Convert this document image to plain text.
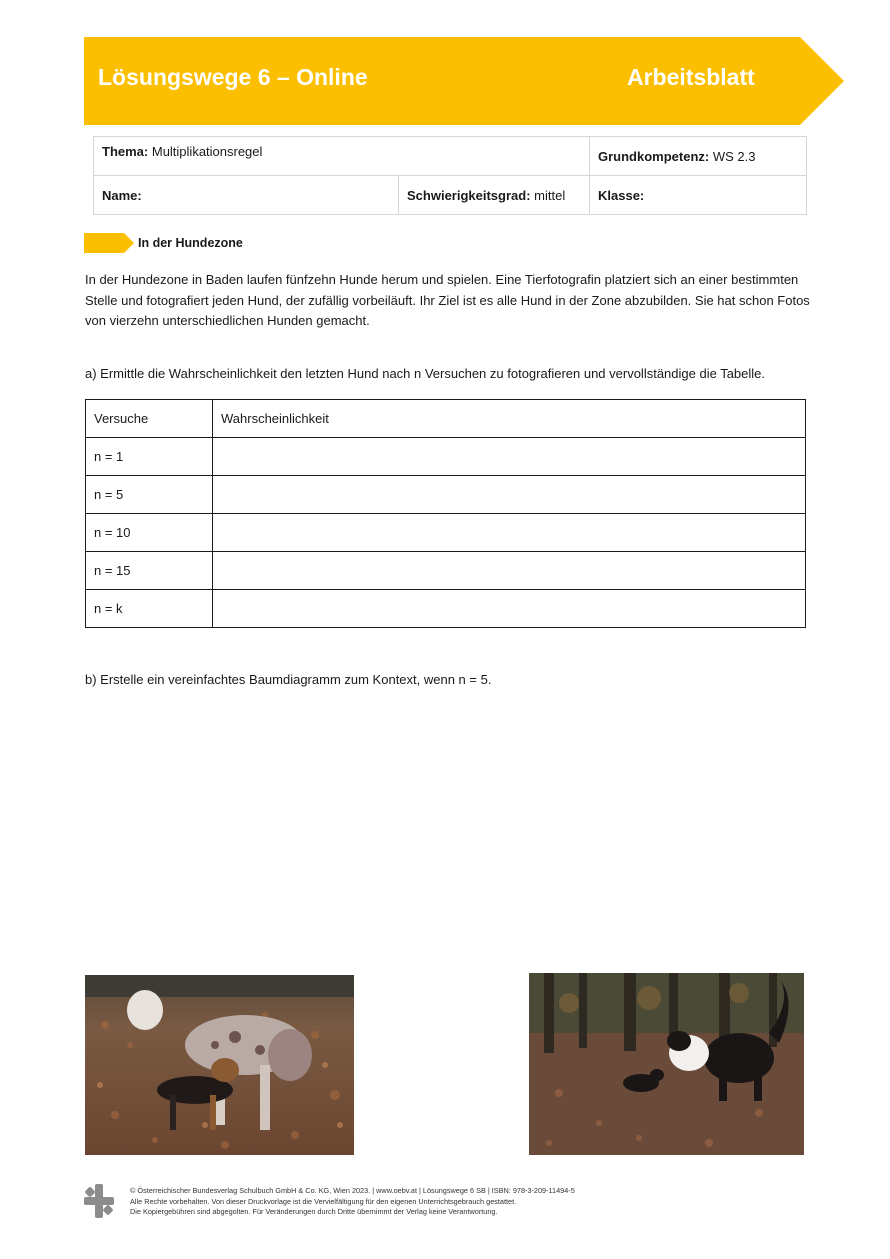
Lösungswege 6 – Online	Arbeitsblatt
Thema: Multiplikationsregel		Grundkompetenz: WS 2.3
Name:	Schwierigkeitsgrad: mittel	Klasse:
In der Hundezone
In der Hundezone in Baden laufen fünfzehn Hunde herum und spielen. Eine Tierfotografin platziert sich an einer bestimmten Stelle und fotografiert jeden Hund, der zufällig vorbeiläuft. Ihr Ziel ist es alle Hund in der Zone abzubilden. Sie hat schon Fotos von vierzehn unterschiedlichen Hunden gemacht.
a) Ermittle die Wahrscheinlichkeit den letzten Hund nach n Versuchen zu fotografieren und vervollständige die Tabelle.
Versuche	Wahrscheinlichkeit
n = 1	
n = 5	
n = 10	
n = 15	
n = k	
b) Erstelle ein vereinfachtes Baumdiagramm zum Kontext, wenn n = 5.
© Österreichischer Bundesverlag Schulbuch GmbH & Co. KG, Wien 2023. | www.oebv.at | Lösungswege 6 SB | ISBN: 978-3-209-11494-5
Alle Rechte vorbehalten. Von dieser Druckvorlage ist die Vervielfältigung für den eigenen Unterrichtsgebrauch gestattet.
Die Kopiergebühren sind abgegolten. Für Veränderungen durch Dritte übernimmt der Verlag keine Verantwortung.
